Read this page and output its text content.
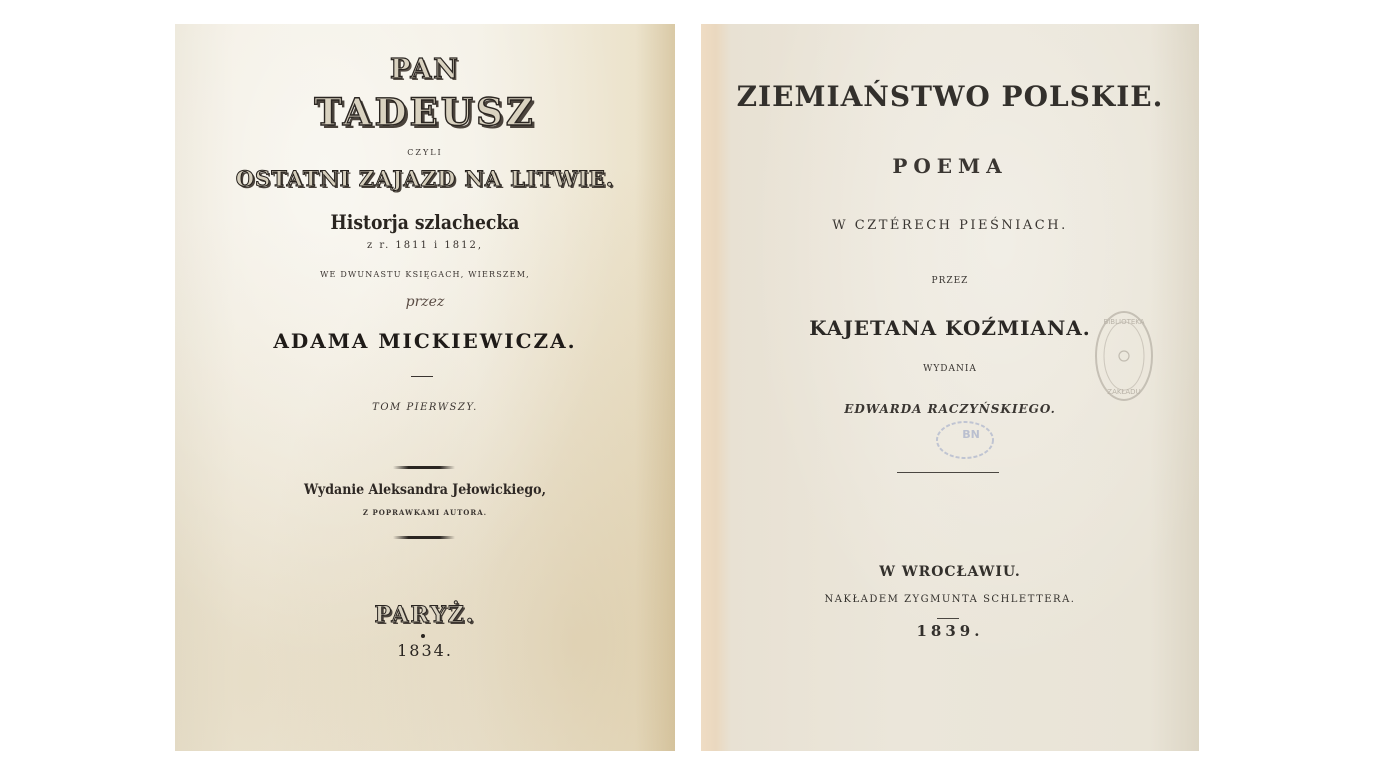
PAN
TADEUSZ
CZYLI
OSTATNI ZAJAZD NA LITWIE.
Historja szlachecka
z r. 1811 i 1812,
WE DWUNASTU KSIĘGACH, WIERSZEM,
przez
ADAMA MICKIEWICZA.
TOM PIERWSZY.
Wydanie Aleksandra Jełowickiego,
Z POPRAWKAMI AUTORA.
PARYŻ.
1834.
ZIEMIAŃSTWO POLSKIE.
POEMA
W CZTÉRECH PIEŚNIACH.
PRZEZ
KAJETANA KOŹMIANA.
WYDANIA
EDWARDA RACZYŃSKIEGO.
BIBLIOTEKA
ZAKŁADU
BN
W WROCŁAWIU.
NAKŁADEM ZYGMUNTA SCHLETTERA.
1839.
